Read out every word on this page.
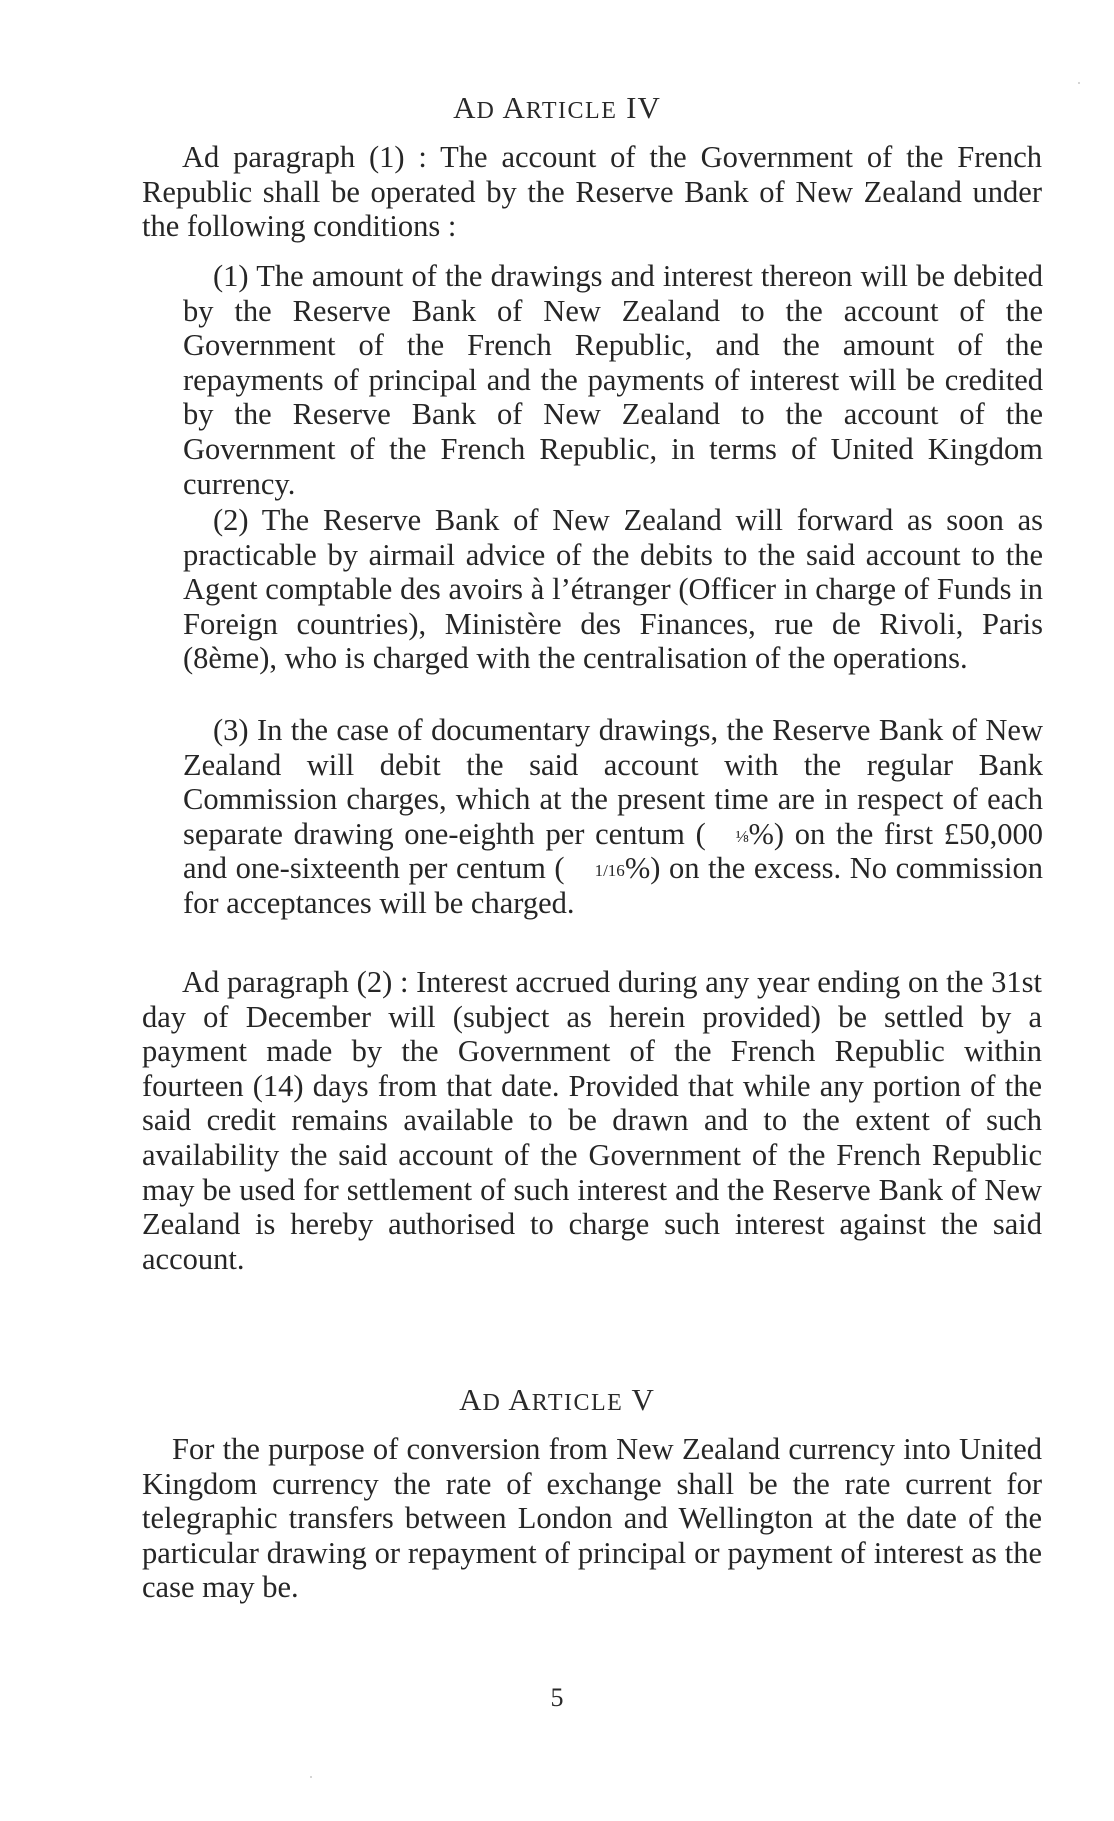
AD ARTICLE IV

Ad paragraph (1) : The account of the Government of the French Republic shall be operated by the Reserve Bank of New Zealand under the following conditions :

(1) The amount of the drawings and interest thereon will be debited by the Reserve Bank of New Zealand to the account of the Government of the French Republic, and the amount of the repayments of principal and the payments of interest will be credited by the Reserve Bank of New Zealand to the account of the Government of the French Republic, in terms of United Kingdom currency.

(2) The Reserve Bank of New Zealand will forward as soon as practicable by airmail advice of the debits to the said account to the Agent comptable des avoirs à l’étranger (Officer in charge of Funds in Foreign countries), Ministère des Finances, rue de Rivoli, Paris (8ème), who is charged with the centralisation of the operations.

(3) In the case of documentary drawings, the Reserve Bank of New Zealand will debit the said account with the regular Bank Commission charges, which at the present time are in respect of each separate drawing one-eighth per centum ( ⅛%) on the first £50,000 and one-sixteenth per centum ( 1/16%) on the excess. No commission for acceptances will be charged.

Ad paragraph (2) : Interest accrued during any year ending on the 31st day of December will (subject as herein provided) be settled by a payment made by the Government of the French Republic within fourteen (14) days from that date. Provided that while any portion of the said credit remains available to be drawn and to the extent of such availability the said account of the Government of the French Republic may be used for settlement of such interest and the Reserve Bank of New Zealand is hereby authorised to charge such interest against the said account.

AD ARTICLE V

For the purpose of conversion from New Zealand currency into United Kingdom currency the rate of exchange shall be the rate current for telegraphic transfers between London and Wellington at the date of the particular drawing or repayment of principal or payment of interest as the case may be.

5
